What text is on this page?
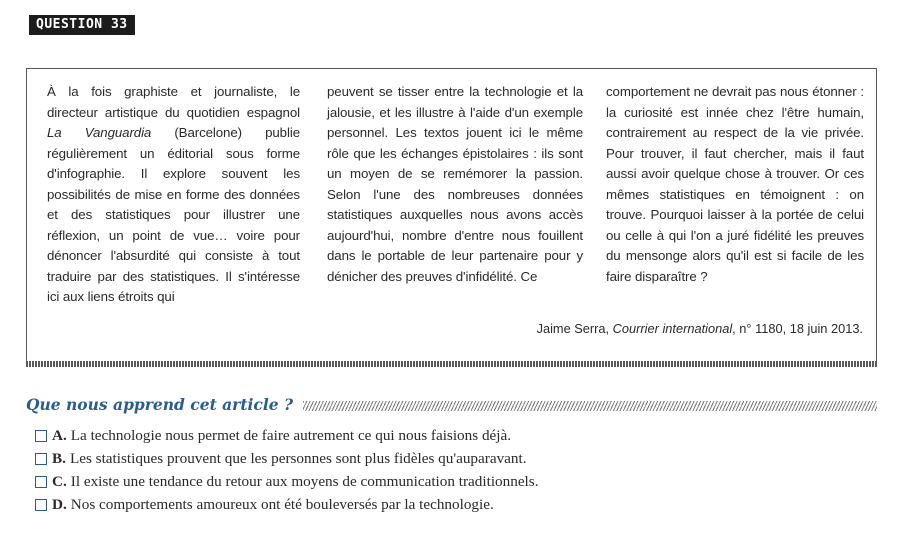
QUESTION 33

À la fois graphiste et journaliste, le directeur artistique du quotidien espagnol La Vanguardia (Barcelone) publie régulièrement un éditorial sous forme d'infographie. Il explore souvent les possibilités de mise en forme des données et des statistiques pour illustrer une réflexion, un point de vue… voire pour dénoncer l'absurdité qui consiste à tout traduire par des statistiques. Il s'intéresse ici aux liens étroits qui

peuvent se tisser entre la technologie et la jalousie, et les illustre à l'aide d'un exemple personnel. Les textos jouent ici le même rôle que les échanges épistolaires : ils sont un moyen de se remémorer la passion. Selon l'une des nombreuses données statistiques auxquelles nous avons accès aujourd'hui, nombre d'entre nous fouillent dans le portable de leur partenaire pour y dénicher des preuves d'infidélité. Ce

comportement ne devrait pas nous étonner : la curiosité est innée chez l'être humain, contrairement au respect de la vie privée. Pour trouver, il faut chercher, mais il faut aussi avoir quelque chose à trouver. Or ces mêmes statistiques en témoignent : on trouve. Pourquoi laisser à la portée de celui ou celle à qui l'on a juré fidélité les preuves du mensonge alors qu'il est si facile de les faire disparaître ?

Jaime Serra, Courrier international, n° 1180, 18 juin 2013.
Que nous apprend cet article ?
A. La technologie nous permet de faire autrement ce qui nous faisions déjà.
B. Les statistiques prouvent que les personnes sont plus fidèles qu'auparavant.
C. Il existe une tendance du retour aux moyens de communication traditionnels.
D. Nos comportements amoureux ont été bouleversés par la technologie.
